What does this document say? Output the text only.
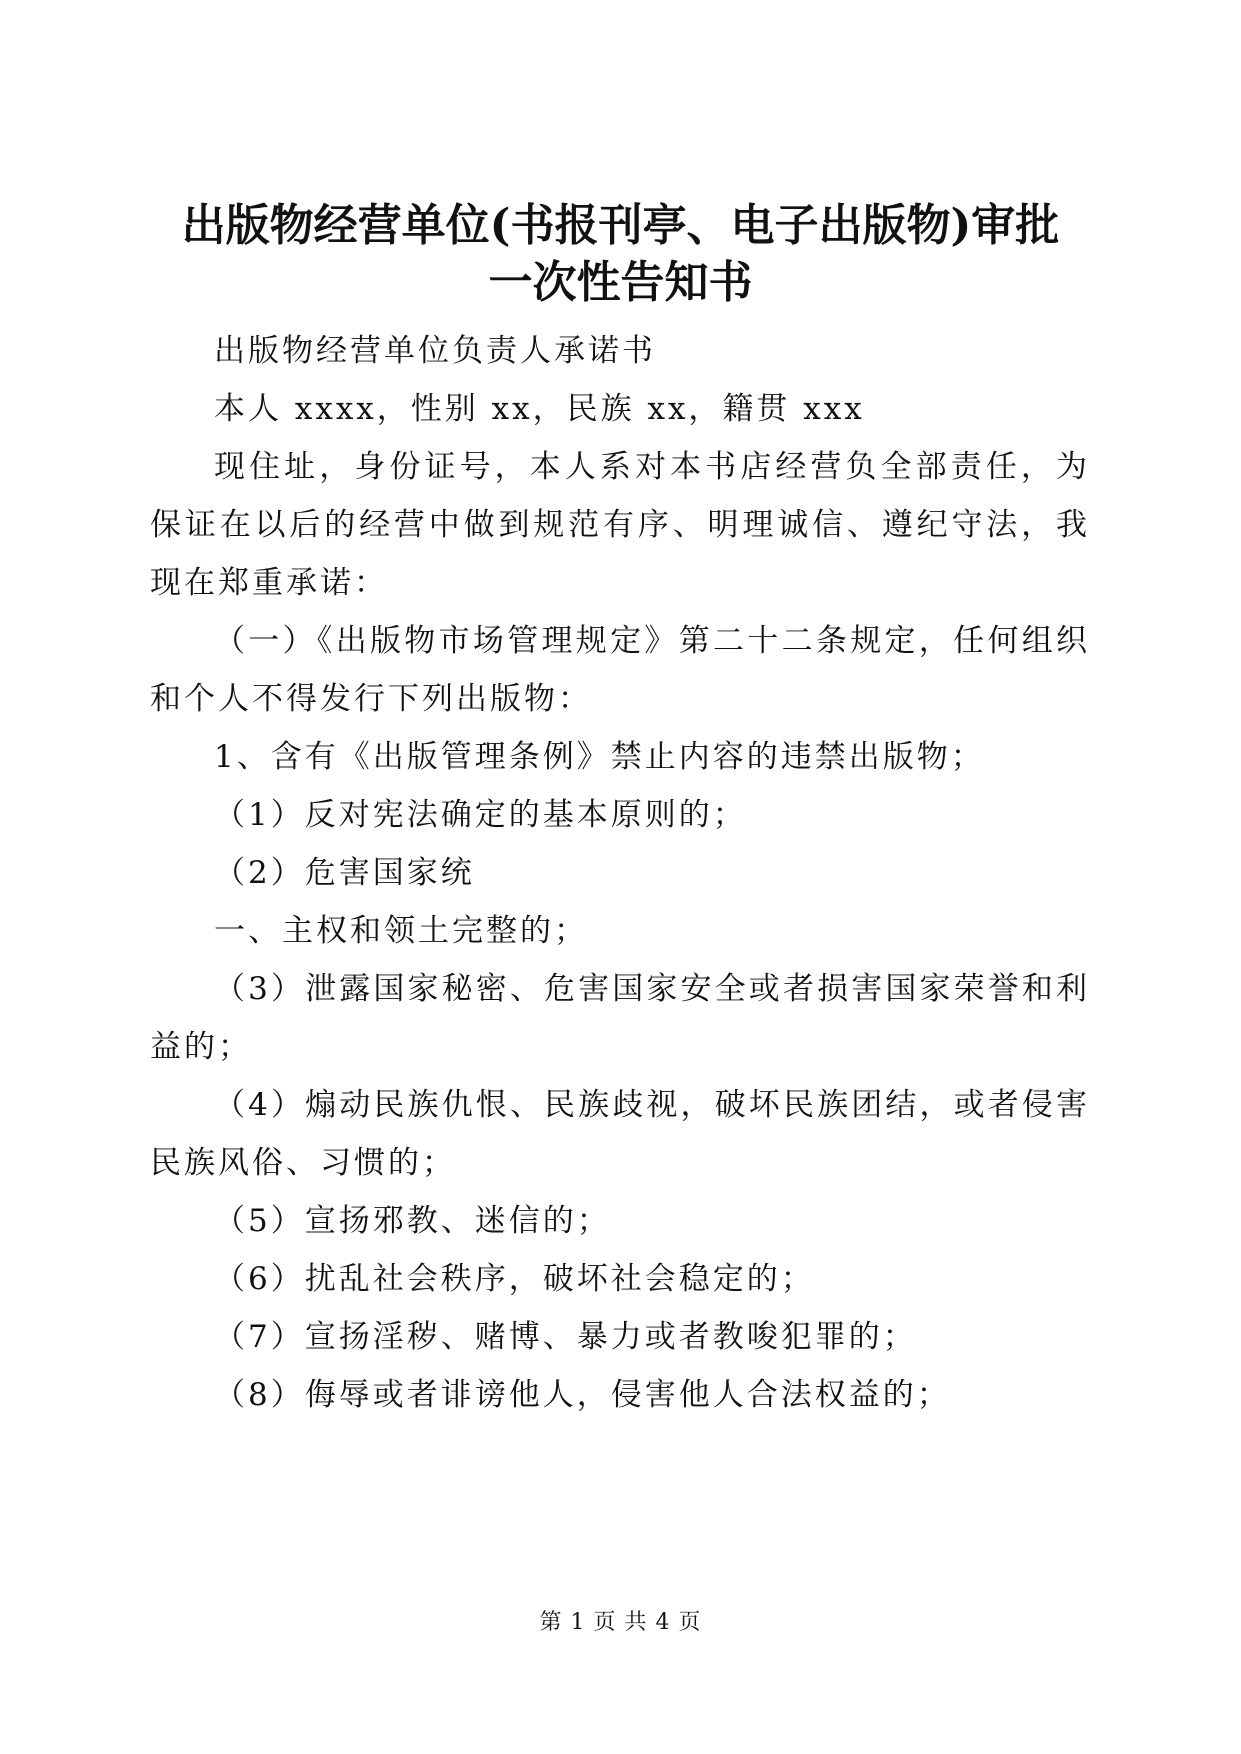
出版物经营单位(书报刊亭、电子出版物)审批
一次性告知书

出版物经营单位负责人承诺书

本人 xxxx，性别 xx，民族 xx，籍贯 xxx

现住址，身份证号，本人系对本书店经营负全部责任，为保证在以后的经营中做到规范有序、明理诚信、遵纪守法，我现在郑重承诺：

（一）《出版物市场管理规定》第二十二条规定，任何组织和个人不得发行下列出版物：

1、含有《出版管理条例》禁止内容的违禁出版物；

（1）反对宪法确定的基本原则的；

（2）危害国家统

一、主权和领土完整的；

（3）泄露国家秘密、危害国家安全或者损害国家荣誉和利益的；

（4）煽动民族仇恨、民族歧视，破坏民族团结，或者侵害民族风俗、习惯的；

（5）宣扬邪教、迷信的；

（6）扰乱社会秩序，破坏社会稳定的；

（7）宣扬淫秽、赌博、暴力或者教唆犯罪的；

（8）侮辱或者诽谤他人，侵害他人合法权益的；

第 1 页 共 4 页
